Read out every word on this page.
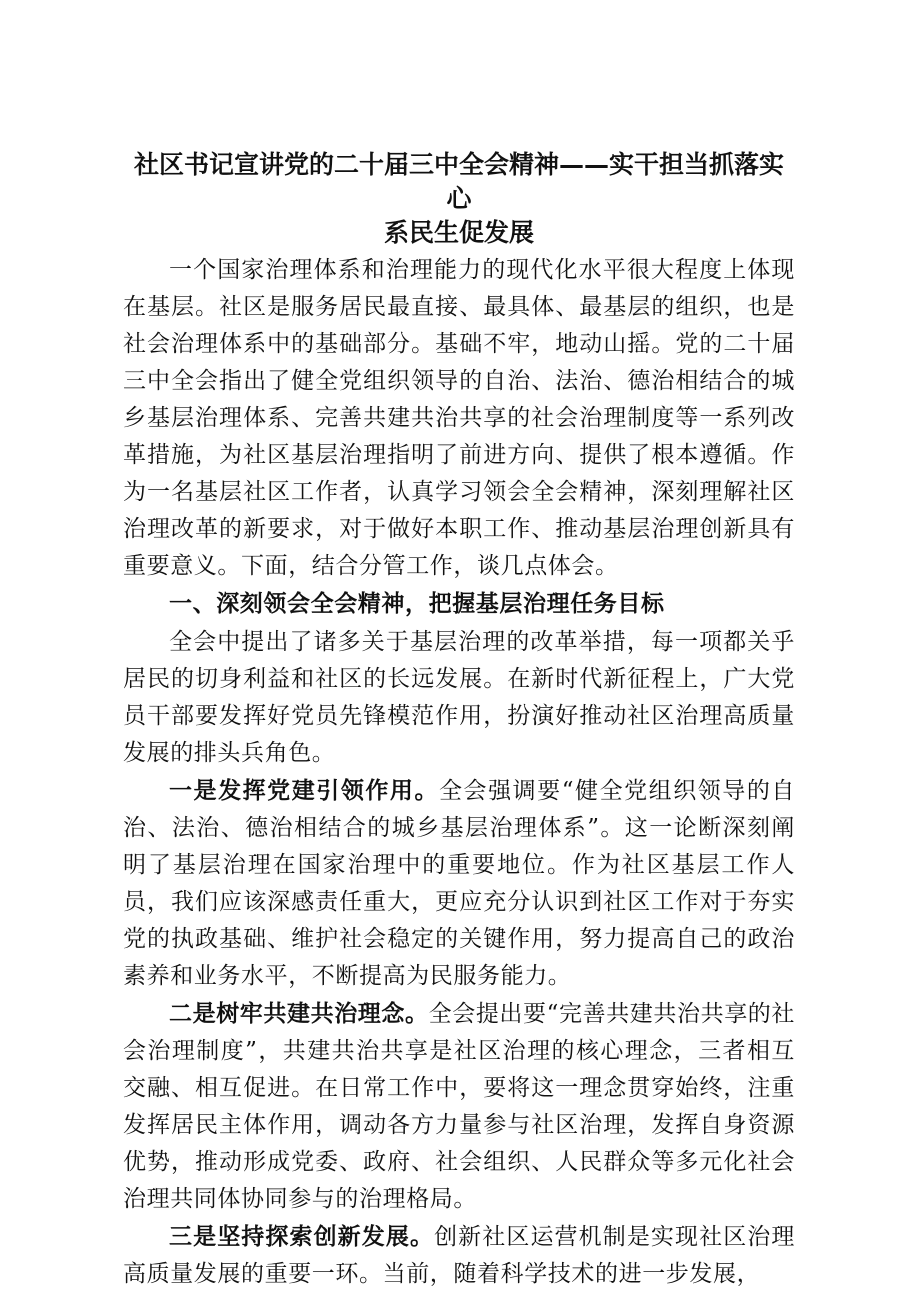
社区书记宣讲党的二十届三中全会精神——实干担当抓落实心
系民生促发展

一个国家治理体系和治理能力的现代化水平很大程度上体现在基层。社区是服务居民最直接、最具体、最基层的组织，也是社会治理体系中的基础部分。基础不牢，地动山摇。党的二十届三中全会指出了健全党组织领导的自治、法治、德治相结合的城乡基层治理体系、完善共建共治共享的社会治理制度等一系列改革措施，为社区基层治理指明了前进方向、提供了根本遵循。作为一名基层社区工作者，认真学习领会全会精神，深刻理解社区治理改革的新要求，对于做好本职工作、推动基层治理创新具有重要意义。下面，结合分管工作，谈几点体会。

一、深刻领会全会精神，把握基层治理任务目标

全会中提出了诸多关于基层治理的改革举措，每一项都关乎居民的切身利益和社区的长远发展。在新时代新征程上，广大党员干部要发挥好党员先锋模范作用，扮演好推动社区治理高质量发展的排头兵角色。

一是发挥党建引领作用。全会强调要“健全党组织领导的自治、法治、德治相结合的城乡基层治理体系”。这一论断深刻阐明了基层治理在国家治理中的重要地位。作为社区基层工作人员，我们应该深感责任重大，更应充分认识到社区工作对于夯实党的执政基础、维护社会稳定的关键作用，努力提高自己的政治素养和业务水平，不断提高为民服务能力。

二是树牢共建共治理念。全会提出要“完善共建共治共享的社会治理制度”，共建共治共享是社区治理的核心理念，三者相互交融、相互促进。在日常工作中，要将这一理念贯穿始终，注重发挥居民主体作用，调动各方力量参与社区治理，发挥自身资源优势，推动形成党委、政府、社会组织、人民群众等多元化社会治理共同体协同参与的治理格局。

三是坚持探索创新发展。创新社区运营机制是实现社区治理高质量发展的重要一环。当前，随着科学技术的进一步发展，
